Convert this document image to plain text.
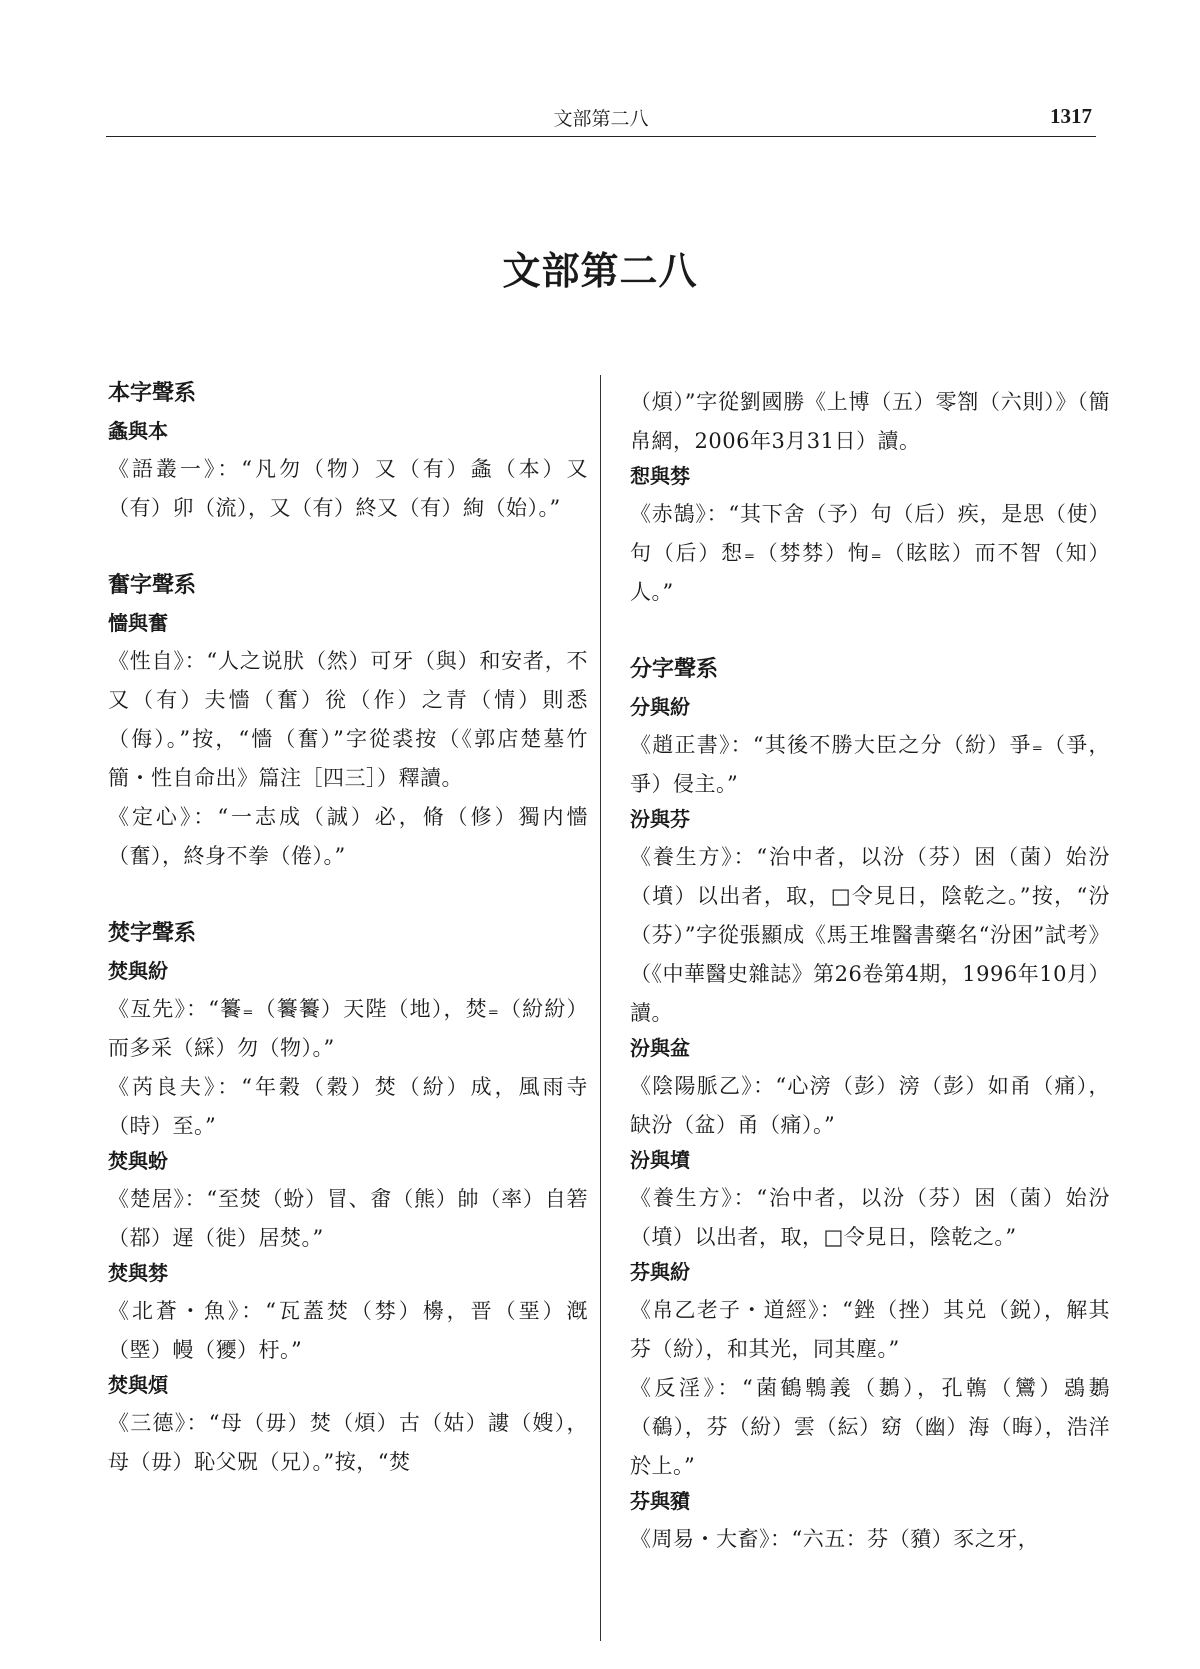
文部第二八	1317
文部第二八
本字聲系
螽與本

《語叢一》：“凡勿（物）又（有）螽（本）又（有）卯（流），又（有）終又（有）絢（始）。”

奮字聲系
懎與奮

《性自》：“人之说肰（然）可牙（與）和安者，不又（有）夫懎（奮）㣞（作）之青（情）則悉（侮）。”按，“懎（奮）”字從裘按（《郭店楚墓竹簡・性自命出》篇注［四三］）釋讀。

《定心》：“一志成（誠）必，脩（修）獨内懎（奮），終身不拳（倦）。”

焚字聲系
焚與紛

《亙先》：“䉵₌（䉵䉵）天陛（地），焚₌（紛紛）而多采（綵）勿（物）。”

《芮良夫》：“年穀（穀）焚（紛）成，風雨寺（時）至。”

焚與蚡

《楚居》：“至焚（蚡）冒、畬（熊）帥（率）自箬（鄀）遅（徙）居焚。”

焚與棼

《北蒼・魚》：“瓦蓋焚（棼）櫋，晋（堊）漑（塈）幔（獿）杅。”

焚與煩

《三德》：“母（毋）焚（煩）古（姑）謱（嫂），母（毋）恥父㒭（兄）。”按，“焚

（煩）”字從劉國勝《上博（五）零劄（六則）》（簡帛網，2006年3月31日）讀。

惒與棼

《赤鵠》：“其下舍（予）句（后）疾，是思（使）句（后）惒₌（棼棼）恂₌（眩眩）而不智（知）人。”

分字聲系
分與紛

《趙正書》：“其後不勝大臣之分（紛）爭₌（爭，爭）侵主。”

汾與芬

《養生方》：“治中者，以汾（芬）困（菌）始汾（墳）以出者，取，□令見日，陰乾之。”按，“汾（芬）”字從張顯成《馬王堆醫書藥名“汾困”試考》（《中華醫史雜誌》第26卷第4期，1996年10月）讀。

汾與盆

《陰陽脈乙》：“心滂（彭）滂（彭）如甬（痛），缺汾（盆）甬（痛）。”

汾與墳

《養生方》：“治中者，以汾（芬）困（菌）始汾（墳）以出者，取，□令見日，陰乾之。”

芬與紛

《帛乙老子・道經》：“銼（挫）其兑（鋭），解其芬（紛），和其光，同其塵。”

《反淫》：“菌鶴鵯義（鶈），孔鶾（鸞）鵋鶈（鵗），芬（紛）雲（紜）窈（幽）海（晦），浩洋於上。”

芬與豶

《周易・大畜》：“六五：芬（豶）豕之牙，
